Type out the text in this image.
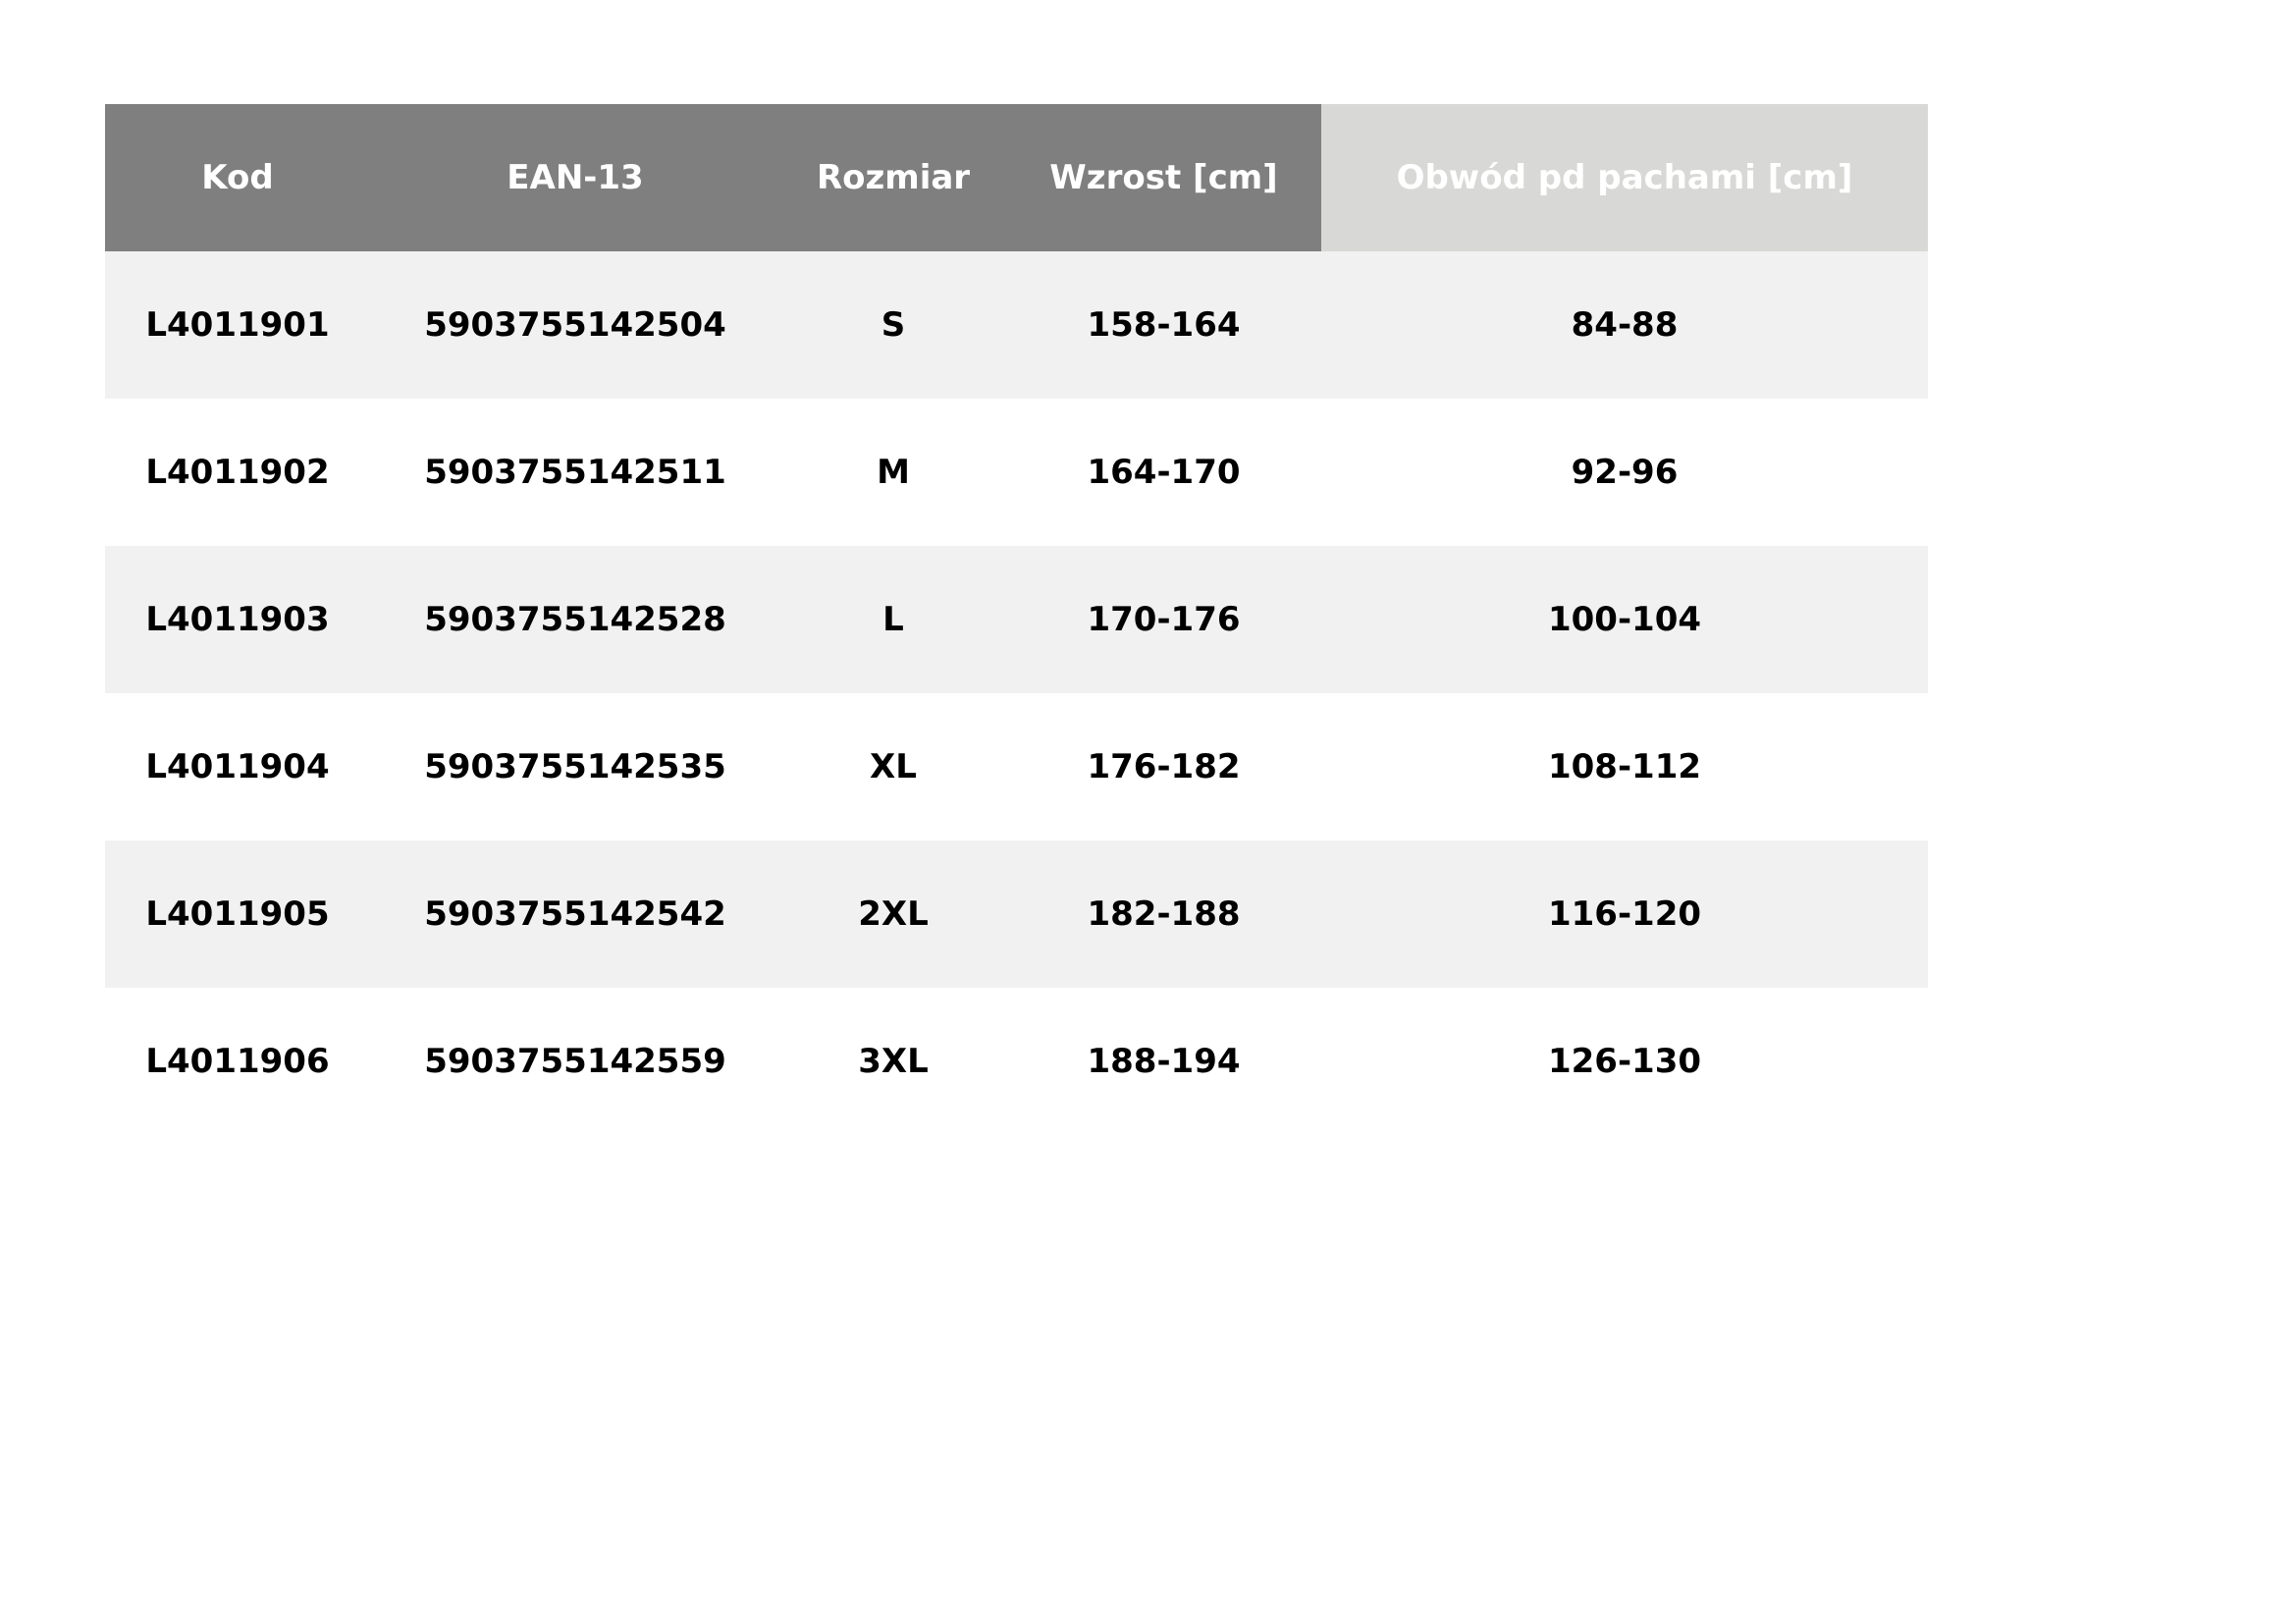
Kod	EAN-13	Rozmiar	Wzrost [cm]	Obwód pd pachami [cm]
L4011901	5903755142504	S	158-164	84-88
L4011902	5903755142511	M	164-170	92-96
L4011903	5903755142528	L	170-176	100-104
L4011904	5903755142535	XL	176-182	108-112
L4011905	5903755142542	2XL	182-188	116-120
L4011906	5903755142559	3XL	188-194	126-130
